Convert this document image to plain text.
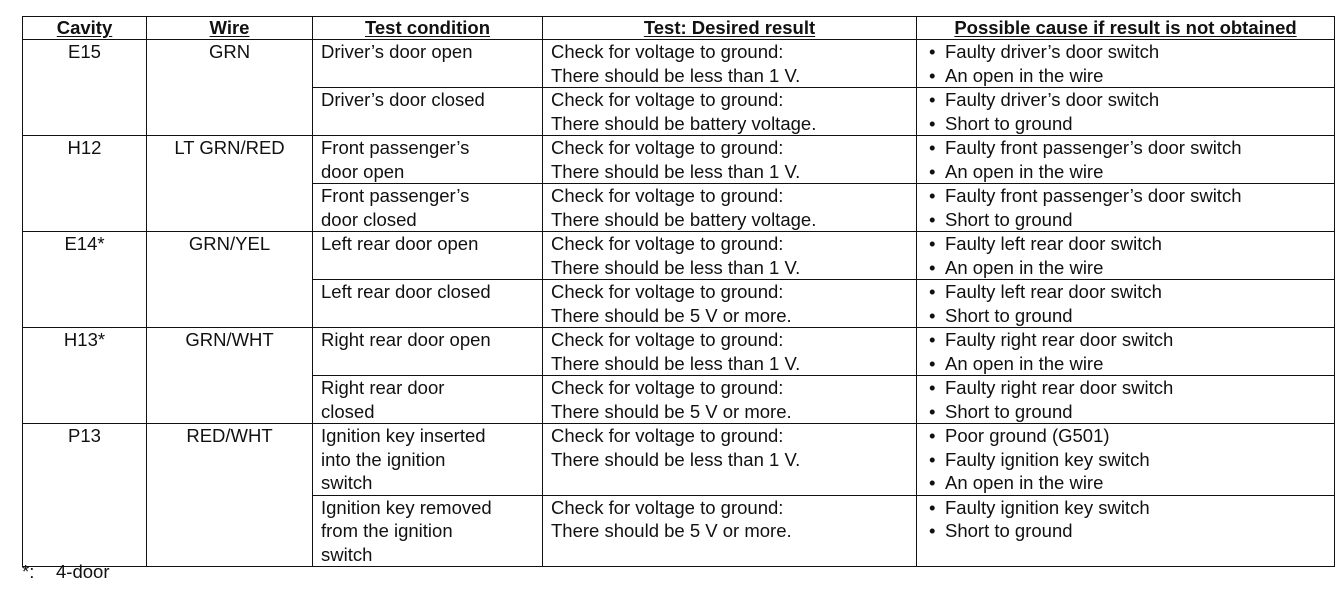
Cavity	Wire	Test condition	Test: Desired result	Possible cause if result is not obtained
E15	GRN	Driver’s door open	Check for voltage to ground:
There should be less than 1 V.	• Faulty driver’s door switch
• An open in the wire

		Driver’s door closed	Check for voltage to ground:
There should be battery voltage.	• Faulty driver’s door switch
• Short to ground

H12	LT GRN/RED	Front passenger’s
door open	Check for voltage to ground:
There should be less than 1 V.	• Faulty front passenger’s door switch
• An open in the wire

		Front passenger’s
door closed	Check for voltage to ground:
There should be battery voltage.	• Faulty front passenger’s door switch
• Short to ground

E14*	GRN/YEL	Left rear door open	Check for voltage to ground:
There should be less than 1 V.	• Faulty left rear door switch
• An open in the wire

		Left rear door closed	Check for voltage to ground:
There should be 5 V or more.	• Faulty left rear door switch
• Short to ground

H13*	GRN/WHT	Right rear door open	Check for voltage to ground:
There should be less than 1 V.	• Faulty right rear door switch
• An open in the wire

		Right rear door
closed	Check for voltage to ground:
There should be 5 V or more.	• Faulty right rear door switch
• Short to ground

P13	RED/WHT	Ignition key inserted
into the ignition
switch	Check for voltage to ground:
There should be less than 1 V.	• Poor ground (G501)
• Faulty ignition key switch
• An open in the wire

		Ignition key removed
from the ignition
switch	Check for voltage to ground:
There should be 5 V or more.	• Faulty ignition key switch
• Short to ground
*: 4-door
